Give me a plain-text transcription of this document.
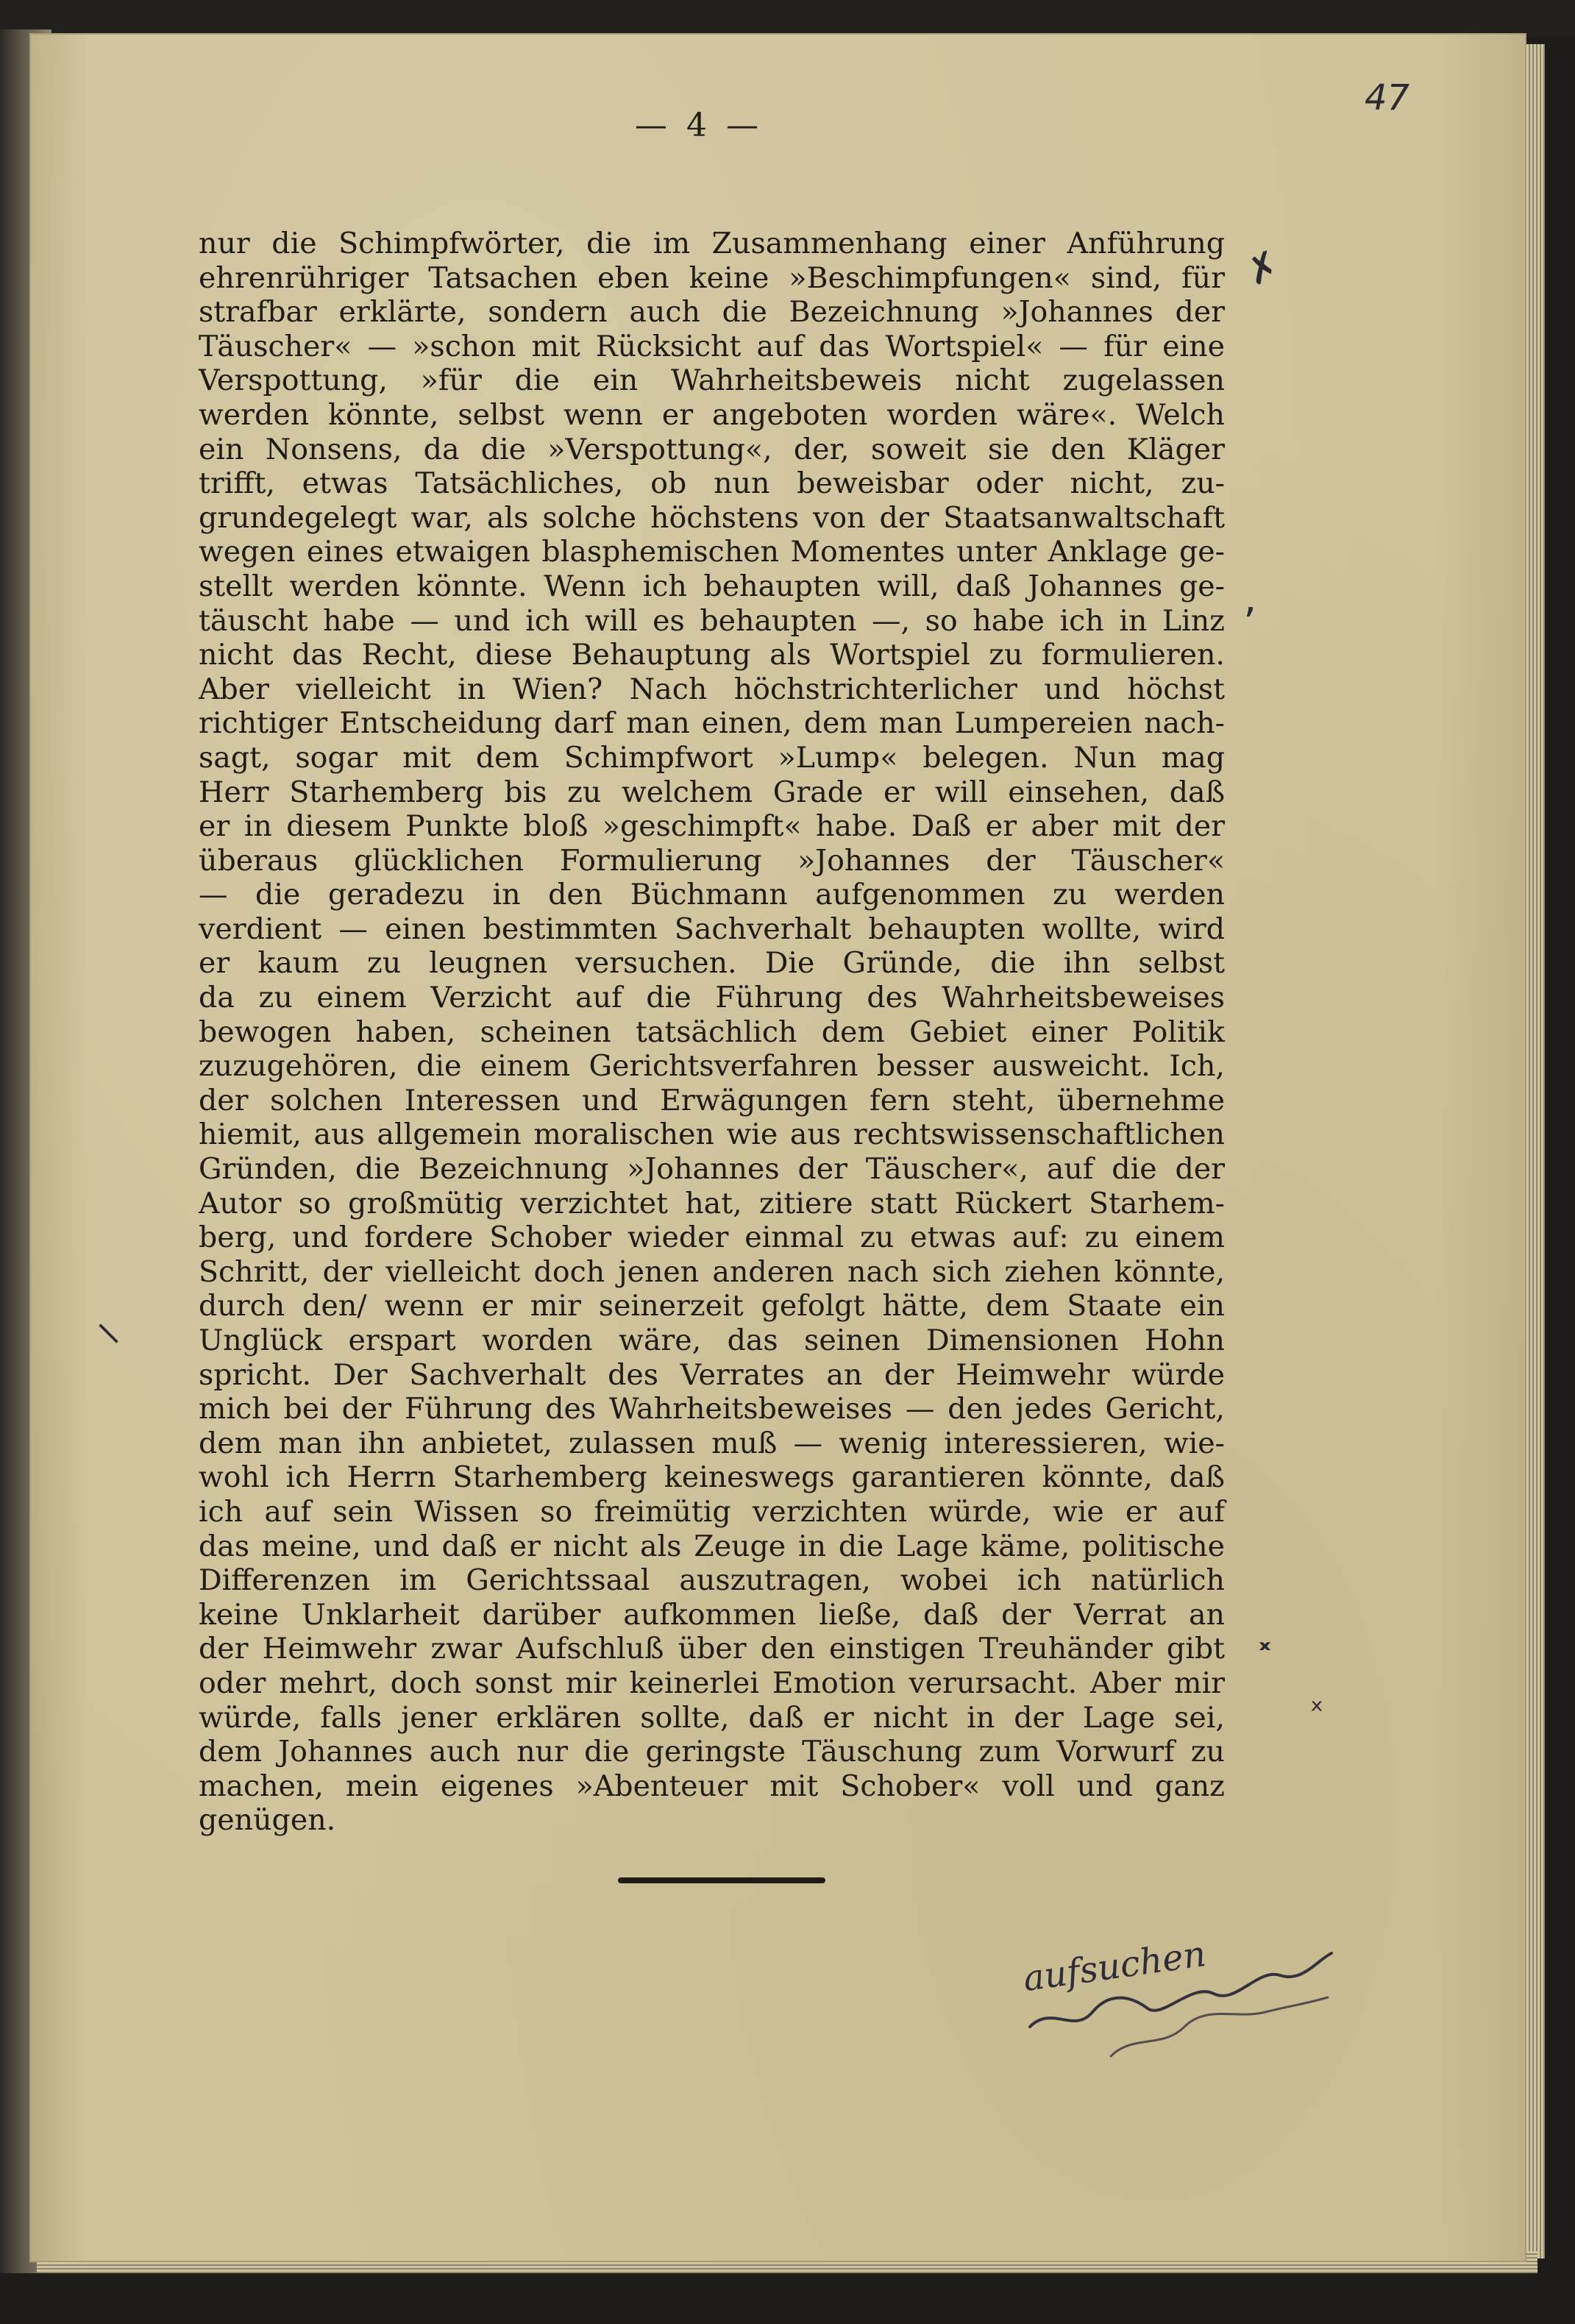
— 4 —
47
nur die Schimpfwörter, die im Zusammenhang einer Anführung
ehrenrühriger Tatsachen eben keine »Beschimpfungen« sind, für
strafbar erklärte, sondern auch die Bezeichnung »Johannes der
Täuscher« — »schon mit Rücksicht auf das Wortspiel« — für eine
Verspottung, »für die ein Wahrheitsbeweis nicht zugelassen
werden könnte, selbst wenn er angeboten worden wäre«. Welch
ein Nonsens, da die »Verspottung«, der, soweit sie den Kläger
trifft, etwas Tatsächliches, ob nun beweisbar oder nicht, zu-
grundegelegt war, als solche höchstens von der Staatsanwaltschaft
wegen eines etwaigen blasphemischen Momentes unter Anklage ge-
stellt werden könnte. Wenn ich behaupten will, daß Johannes ge-
täuscht habe — und ich will es behaupten —, so habe ich in Linz
nicht das Recht, diese Behauptung als Wortspiel zu formulieren.
Aber vielleicht in Wien? Nach höchstrichterlicher und höchst
richtiger Entscheidung darf man einen, dem man Lumpereien nach-
sagt, sogar mit dem Schimpfwort »Lump« belegen. Nun mag
Herr Starhemberg bis zu welchem Grade er will einsehen, daß
er in diesem Punkte bloß »geschimpft« habe. Daß er aber mit der
überaus glücklichen Formulierung »Johannes der Täuscher«
— die geradezu in den Büchmann aufgenommen zu werden
verdient — einen bestimmten Sachverhalt behaupten wollte, wird
er kaum zu leugnen versuchen. Die Gründe, die ihn selbst
da zu einem Verzicht auf die Führung des Wahrheitsbeweises
bewogen haben, scheinen tatsächlich dem Gebiet einer Politik
zuzugehören, die einem Gerichtsverfahren besser ausweicht. Ich,
der solchen Interessen und Erwägungen fern steht, übernehme
hiemit, aus allgemein moralischen wie aus rechtswissenschaftlichen
Gründen, die Bezeichnung »Johannes der Täuscher«, auf die der
Autor so großmütig verzichtet hat, zitiere statt Rückert Starhem-
berg, und fordere Schober wieder einmal zu etwas auf: zu einem
Schritt, der vielleicht doch jenen anderen nach sich ziehen könnte,
durch den/ wenn er mir seinerzeit gefolgt hätte, dem Staate ein
Unglück erspart worden wäre, das seinen Dimensionen Hohn
spricht. Der Sachverhalt des Verrates an der Heimwehr würde
mich bei der Führung des Wahrheitsbeweises — den jedes Gericht,
dem man ihn anbietet, zulassen muß — wenig interessieren, wie-
wohl ich Herrn Starhemberg keineswegs garantieren könnte, daß
ich auf sein Wissen so freimütig verzichten würde, wie er auf
das meine, und daß er nicht als Zeuge in die Lage käme, politische
Differenzen im Gerichtssaal auszutragen, wobei ich natürlich
keine Unklarheit darüber aufkommen ließe, daß der Verrat an
der Heimwehr zwar Aufschluß über den einstigen Treuhänder gibt
oder mehrt, doch sonst mir keinerlei Emotion verursacht. Aber mir
würde, falls jener erklären sollte, daß er nicht in der Lage sei,
dem Johannes auch nur die geringste Täuschung zum Vorwurf zu
machen, mein eigenes »Abenteuer mit Schober« voll und ganz
genügen.
✗
ʼ
⸜
˟
ˣ
aufsuchen
